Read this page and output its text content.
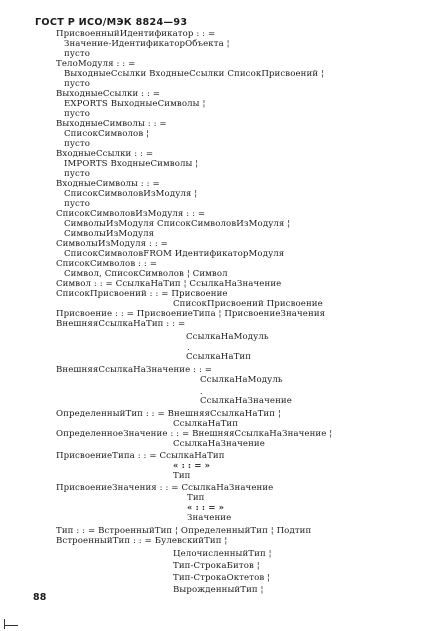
ГОСТ Р ИСО/МЭК 8824—93
ПрисвоенныйИдентификатор : : =
Значение-ИдентификаторОбъекта ¦
пусто
ТелоМодуля : : =
ВыходныеСсылки ВходныеСсылки СписокПрисвоений ¦
пусто
ВыходныеСсылки : : =
EXPORTS ВыходныеСимволы ¦
пусто
ВыходныеСимволы : : =
СписокСимволов ¦
пусто
ВходныеСсылки : : =
IMPORTS ВходныеСимволы ¦
пусто
ВходныеСимволы : : =
СписокСимволовИзМодуля ¦
пусто
СписокСимволовИзМодуля : : =
СимволыИзМодуля СписокСимволовИзМодуля ¦
СимволыИзМодуля
СимволыИзМодуля : : =
СписокСимволовFROM ИдентификаторМодуля
СписокСимволов : : =
Символ, СписокСимволов ¦ Символ
Символ : : = СсылкаНаТип ¦ СсылкаНаЗначение
СписокПрисвоений : : = Присвоение
СписокПрисвоений Присвоение
Присвоение : : = ПрисвоениеТипа ¦ ПрисвоениеЗначения
ВнешняяСсылкаНаТип : : =
СсылкаНаМодуль
.
СсылкаНаТип
ВнешняяСсылкаНаЗначение : : =
СсылкаНаМодуль
.
СсылкаНаЗначение
ОпределенныйТип : : = ВнешняяСсылкаНаТип ¦
СсылкаНаТип
ОпределенноеЗначение : : = ВнешняяСсылкаНаЗначение ¦
СсылкаНаЗначение
ПрисвоениеТипа : : = СсылкаНаТип
« : : = »
Тип
ПрисвоениеЗначения : : = СсылкаНаЗначение
Тип
« : : = »
Значение
Тип : : = ВстроенныйТип ¦ ОпределенныйТип ¦ Подтип
ВстроенныйТип : : = БулевскийТип ¦
ЦелочисленныйТип ¦
Тип-СтрокаБитов ¦
Тип-СтрокаОктетов ¦
ВырожденныйТип ¦
88
